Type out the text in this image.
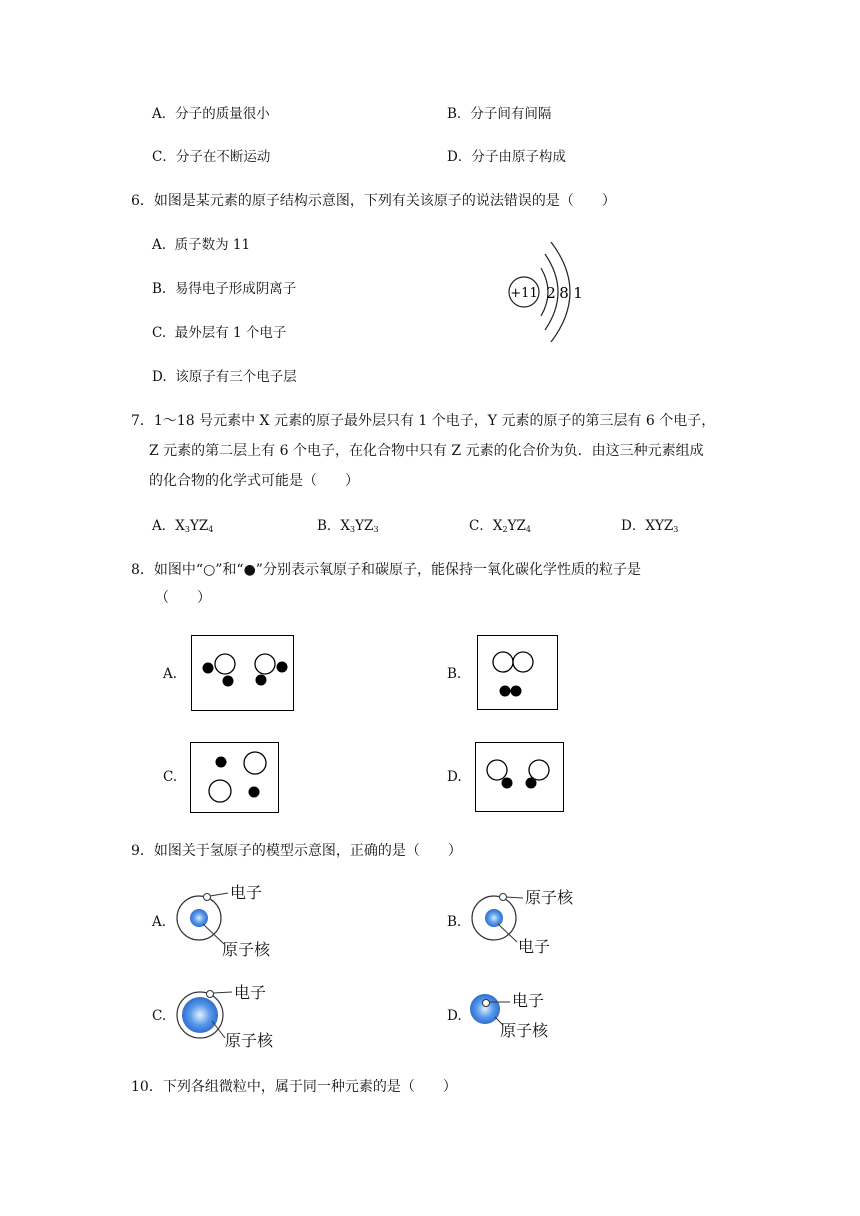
A．分子的质量很小	B．分子间有间隔
C．分子在不断运动	D．分子由原子构成
6．如图是某元素的原子结构示意图，下列有关该原子的说法错误的是（　　）
A. 质子数为 11
B. 易得电子形成阴离子
C. 最外层有 1 个电子
D. 该原子有三个电子层
+11 2 8 1
7．1～18 号元素中 X 元素的原子最外层只有 1 个电子，Y 元素的原子的第三层有 6 个电子，
Z 元素的第二层上有 6 个电子，在化合物中只有 Z 元素的化合价为负．由这三种元素组成
的化合物的化学式可能是（　　）
A．$X_3YZ_4$	B．$X_3YZ_3$	C．$X_2YZ_4$	D．$XYZ_3$
8．如图中“○”和“●”分别表示氧原子和碳原子，能保持一氧化碳化学性质的粒子是
（　　）
A.	B.
C.	D.
9．如图关于氢原子的模型示意图，正确的是（　　）
A.
电子
原子核
B.
原子核
电子
C.
电子
原子核
D.
电子
原子核
10．下列各组微粒中，属于同一种元素的是（　　）
